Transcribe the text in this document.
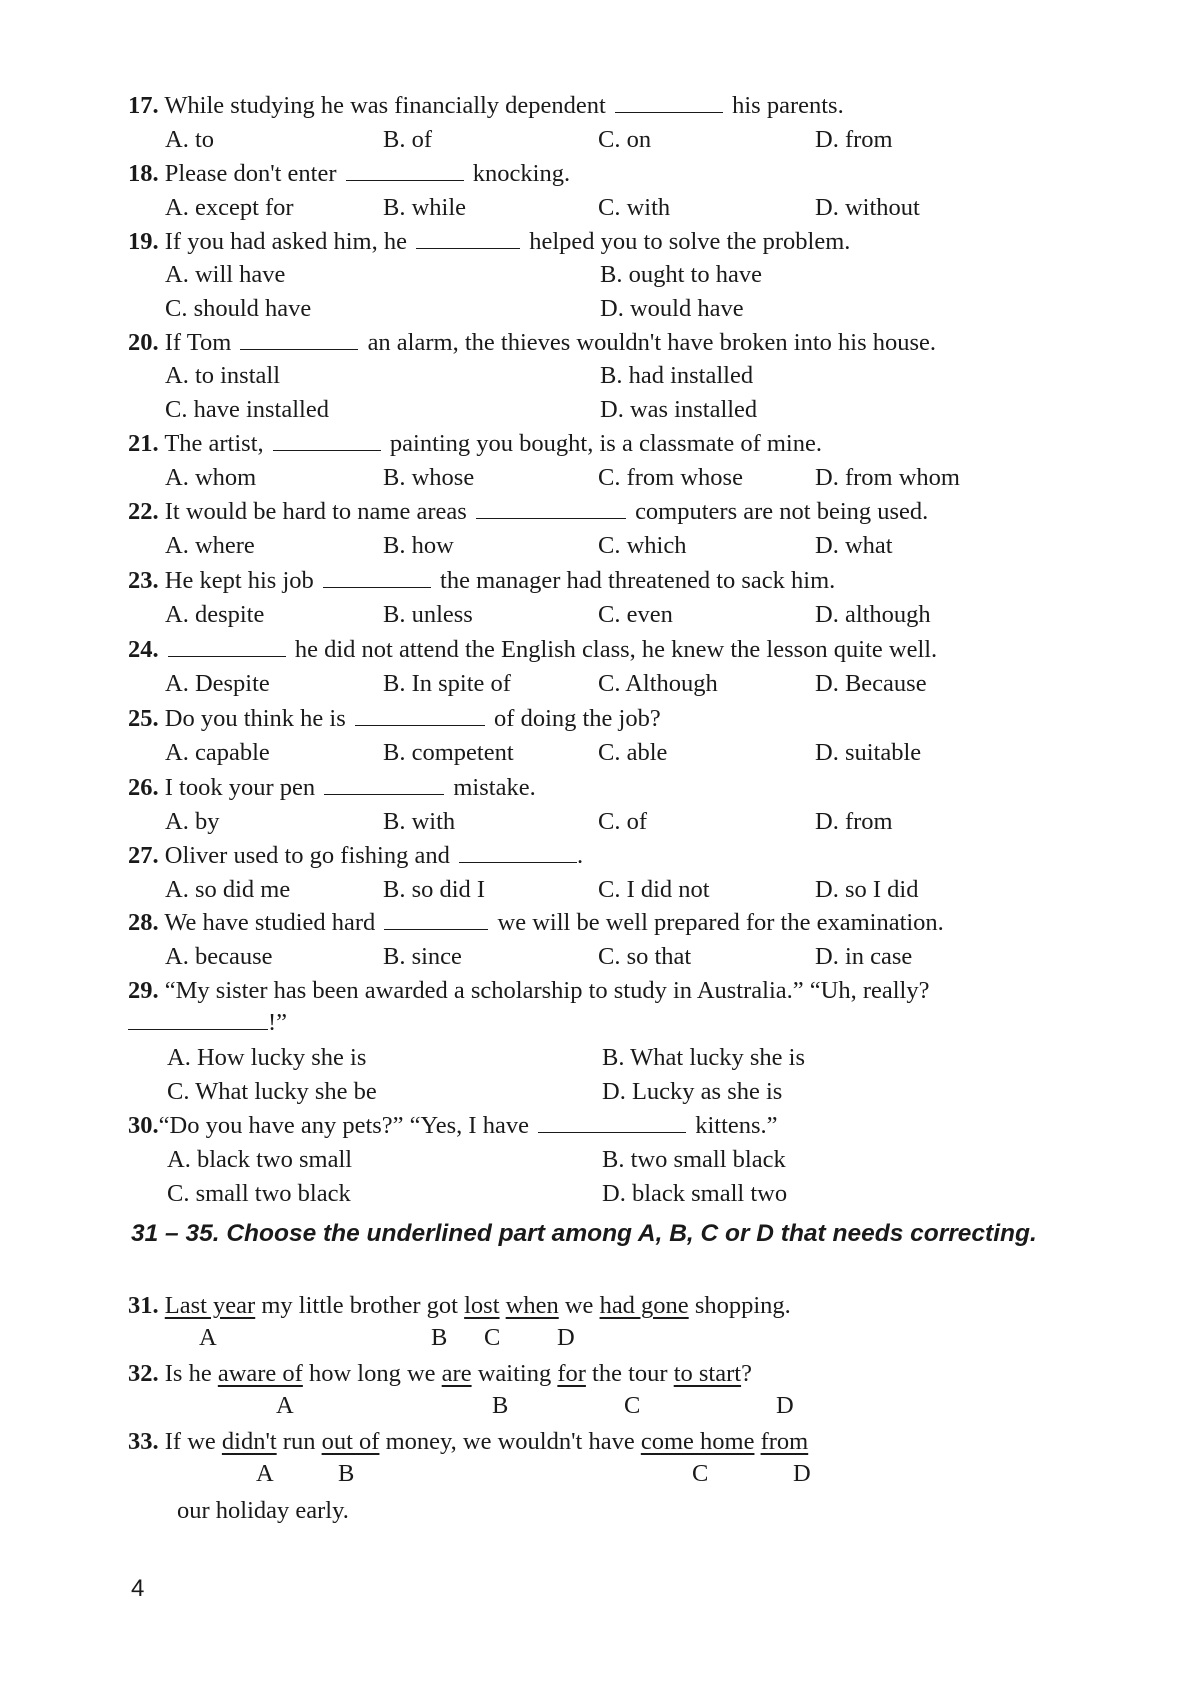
17. While studying he was financially dependent	his parents.
A. to	B. of	C. on	D. from
18. Please don't enter	knocking.
A. except for	B. while	C. with	D. without
19. If you had asked him, he	helped you to solve the problem.
A. will have	B. ought to have
C. should have	D. would have
20. If Tom	an alarm, the thieves wouldn't have broken into his house.
A. to install	B. had installed
C. have installed	D. was installed
21. The artist,	painting you bought, is a classmate of mine.
A. whom	B. whose	C. from whose	D. from whom
22. It would be hard to name areas	computers are not being used.
A. where	B. how	C. which	D. what
23. He kept his job	the manager had threatened to sack him.
A. despite	B. unless	C. even	D. although
24.	he did not attend the English class, he knew the lesson quite well.
A. Despite	B. In spite of	C. Although	D. Because
25. Do you think he is	of doing the job?
A. capable	B. competent	C. able	D. suitable
26. I took your pen	mistake.
A. by	B. with	C. of	D. from
27. Oliver used to go fishing and	.
A. so did me	B. so did I	C. I did not	D. so I did
28. We have studied hard	we will be well prepared for the examination.
A. because	B. since	C. so that	D. in case
29. “My sister has been awarded a scholarship to study in Australia.” “Uh, really?
!”
A. How lucky she is	B. What lucky she is
C. What lucky she be	D. Lucky as she is
30.“Do you have any pets?” “Yes, I have	kittens.”
A. black two small	B. two small black
C. small two black	D. black small two
31 – 35. Choose the underlined part among A, B, C or D that needs correcting.
31. Last year my little brother got lost when we had gone shopping.
A	B C D
32. Is he aware of how long we are waiting for the tour to start?
A	B	C	D
33. If we didn't run out of money, we wouldn't have come home from
A	B	C	D
our holiday early.
4
